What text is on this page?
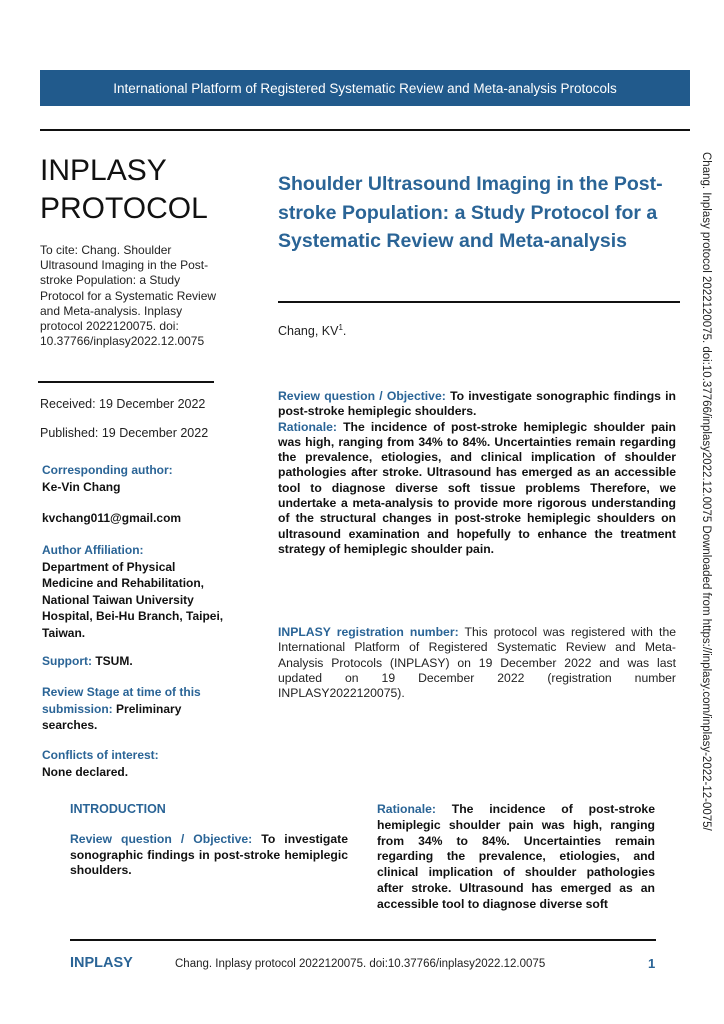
International Platform of Registered Systematic Review and Meta-analysis Protocols
INPLASY
PROTOCOL
To cite: Chang. Shoulder Ultrasound Imaging in the Post-stroke Population: a Study Protocol for a Systematic Review and Meta-analysis. Inplasy protocol 2022120075. doi: 10.37766/inplasy2022.12.0075
Received: 19 December 2022
Published: 19 December 2022
Corresponding author:
Ke-Vin Chang
kvchang011@gmail.com
Author Affiliation:
Department of Physical Medicine and Rehabilitation, National Taiwan University Hospital, Bei-Hu Branch, Taipei, Taiwan.
Support: TSUM.
Review Stage at time of this submission: Preliminary searches.
Conflicts of interest:
None declared.
Shoulder Ultrasound Imaging in the Post-stroke Population: a Study Protocol for a Systematic Review and Meta-analysis
Chang, $KV^1$.
Review question / Objective: To investigate sonographic findings in post-stroke hemiplegic shoulders.
Rationale: The incidence of post-stroke hemiplegic shoulder pain was high, ranging from 34% to 84%. Uncertainties remain regarding the prevalence, etiologies, and clinical implication of shoulder pathologies after stroke. Ultrasound has emerged as an accessible tool to diagnose diverse soft tissue problems Therefore, we undertake a meta-analysis to provide more rigorous understanding of the structural changes in post-stroke hemiplegic shoulders on ultrasound examination and hopefully to enhance the treatment strategy of hemiplegic shoulder pain.
INPLASY registration number: This protocol was registered with the International Platform of Registered Systematic Review and Meta-Analysis Protocols (INPLASY) on 19 December 2022 and was last updated on 19 December 2022 (registration number INPLASY2022120075).
INTRODUCTION
Review question / Objective: To investigate sonographic findings in post-stroke hemiplegic shoulders.
Rationale: The incidence of post-stroke hemiplegic shoulder pain was high, ranging from 34% to 84%. Uncertainties remain regarding the prevalence, etiologies, and clinical implication of shoulder pathologies after stroke. Ultrasound has emerged as an accessible tool to diagnose diverse soft
INPLASY	Chang. Inplasy protocol 2022120075. doi:10.37766/inplasy2022.12.0075	1
Chang. Inplasy protocol 2022120075. doi:10.37766/inplasy2022.12.0075 Downloaded from https://inplasy.com/inplasy-2022-12-0075/
